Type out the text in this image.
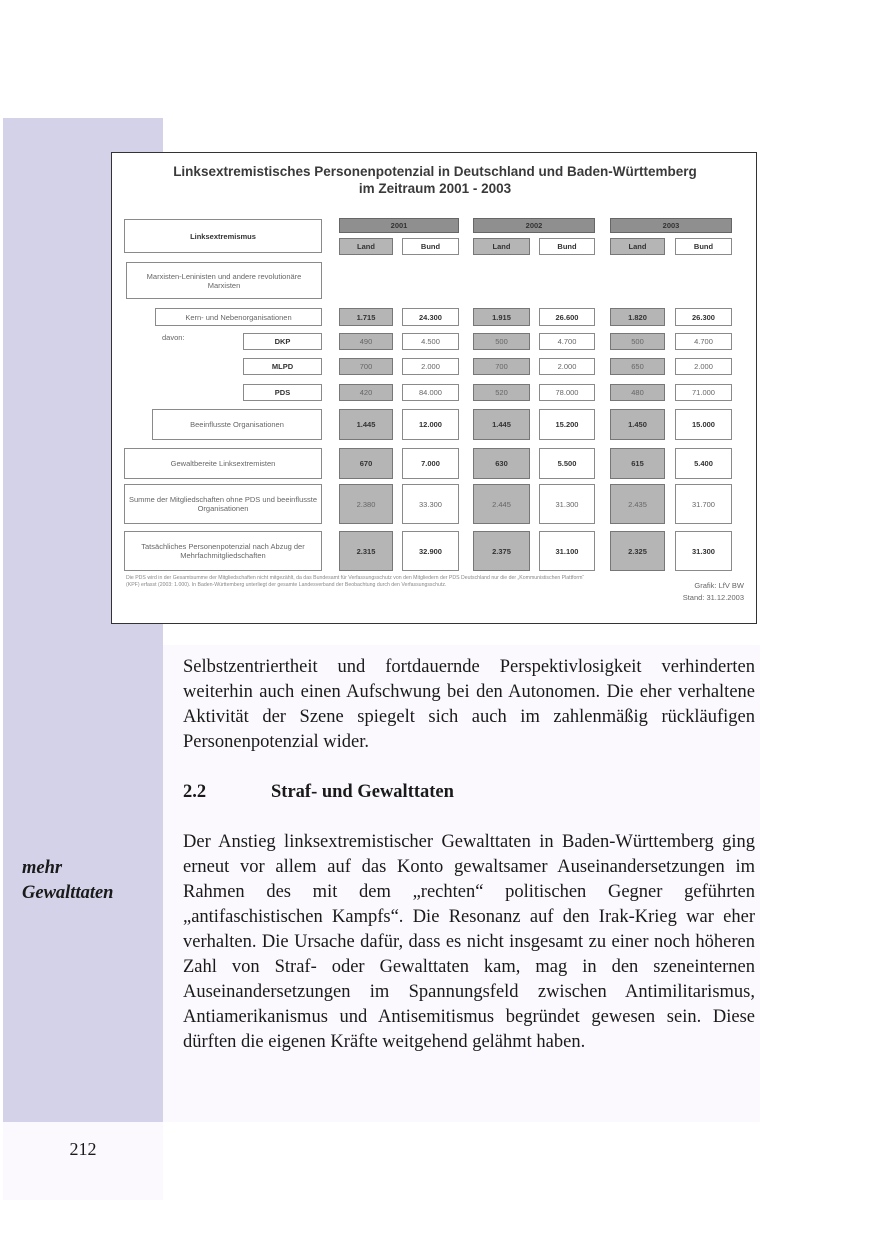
Linksextremistisches Personenpotenzial in Deutschland und Baden-Württemberg
im Zeitraum 2001 - 2003
Linksextremismus
2001	2002	2003
Land	Bund	Land	Bund	Land	Bund
Marxisten-Leninisten und andere revolutionäre Marxisten
Kern- und Nebenorganisationen	1.715	24.300	1.915	26.600	1.820	26.300
davon:	DKP	490	4.500	500	4.700	500	4.700
MLPD	700	2.000	700	2.000	650	2.000
PDS	420	84.000	520	78.000	480	71.000
Beeinflusste Organisationen	1.445	12.000	1.445	15.200	1.450	15.000
Gewaltbereite Linksextremisten	670	7.000	630	5.500	615	5.400
Summe der Mitgliedschaften ohne PDS und beeinflusste Organisationen	2.380	33.300	2.445	31.300	2.435	31.700
Tatsächliches Personenpotenzial nach Abzug der Mehrfachmitgliedschaften	2.315	32.900	2.375	31.100	2.325	31.300
Die PDS wird in der Gesamtsumme der Mitgliedschaften nicht mitgezählt, da das Bundesamt für Verfassungsschutz von den Mitgliedern der PDS Deutschland nur die der „Kommunistischen Plattform“ (KPF) erfasst (2003: 1.000). In Baden-Württemberg unterliegt der gesamte Landesverband der Beobachtung durch den Verfassungsschutz.	Grafik: LfV BW
Stand: 31.12.2003

Selbstzentriertheit und fortdauernde Perspektivlosigkeit verhinderten weiterhin auch einen Aufschwung bei den Autonomen. Die eher verhaltene Aktivität der Szene spiegelt sich auch im zahlenmäßig rückläufigen Personenpotenzial wider.

2.2	Straf- und Gewalttaten
mehr
Gewalttaten

Der Anstieg linksextremistischer Gewalttaten in Baden-Württemberg ging erneut vor allem auf das Konto gewaltsamer Auseinandersetzungen im Rahmen des mit dem „rechten“ politischen Gegner geführten „antifaschistischen Kampfs“. Die Resonanz auf den Irak-Krieg war eher verhalten. Die Ursache dafür, dass es nicht insgesamt zu einer noch höheren Zahl von Straf- oder Gewalttaten kam, mag in den szeneinternen Auseinandersetzungen im Spannungsfeld zwischen Antimilitarismus, Antiamerikanismus und Antisemitismus begründet gewesen sein. Diese dürften die eigenen Kräfte weitgehend gelähmt haben.

212
